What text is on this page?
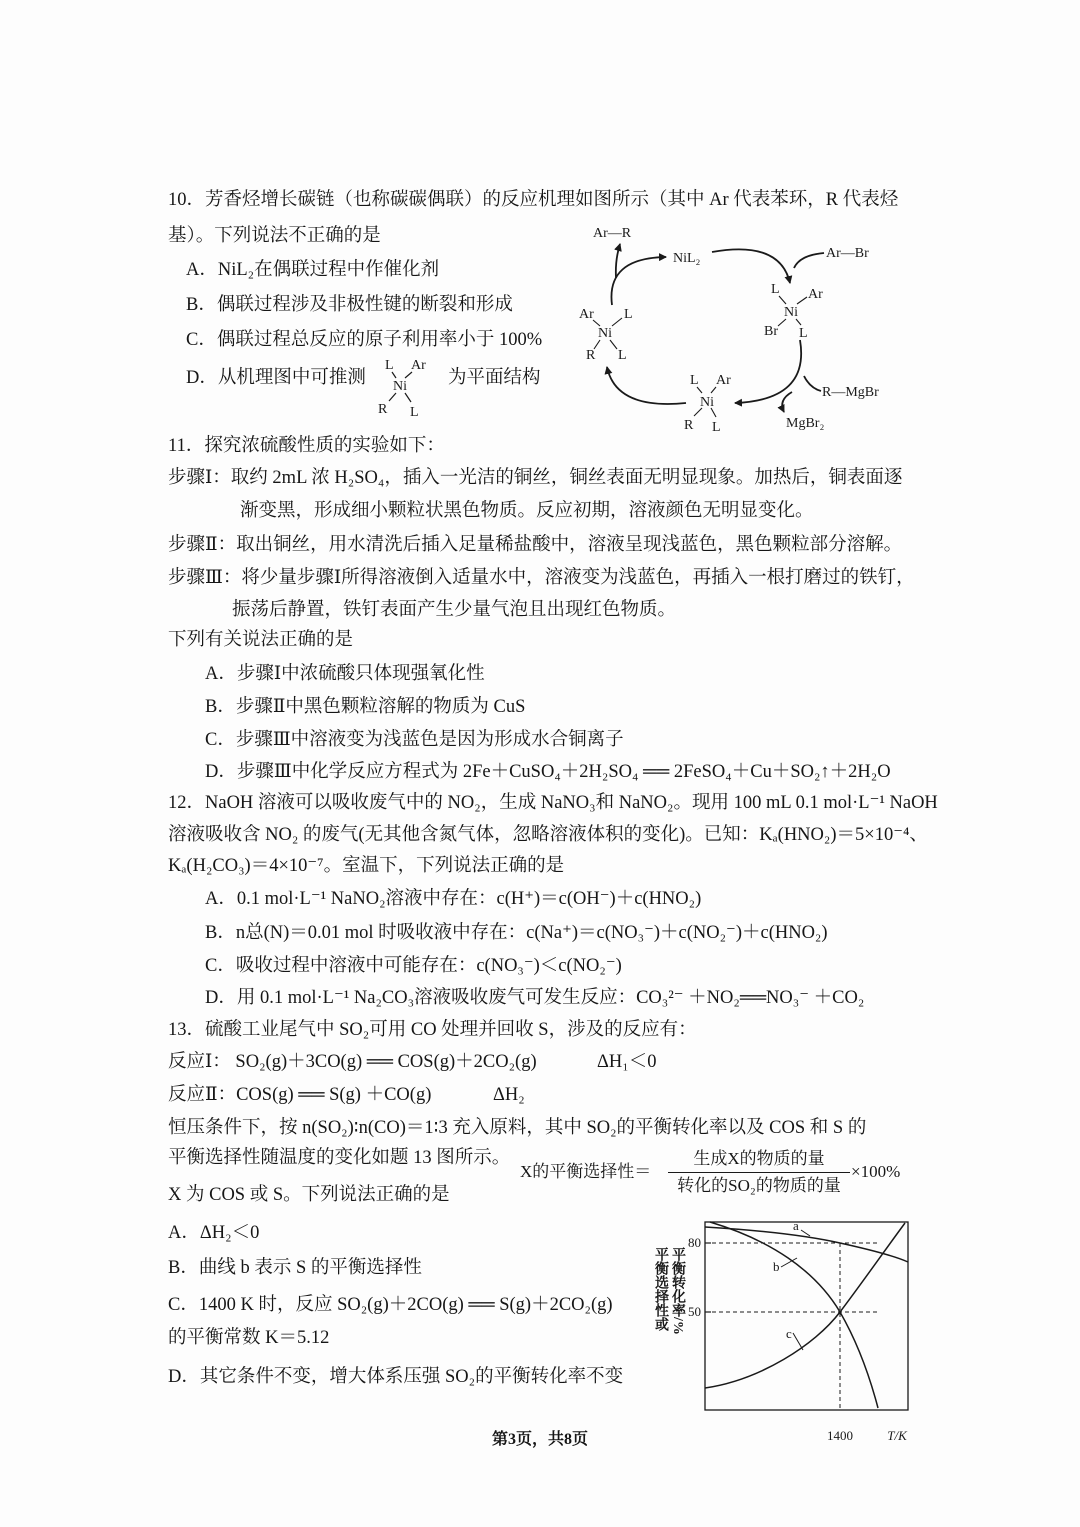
10．芳香烃增长碳链（也称碳碳偶联）的反应机理如图所示（其中 Ar 代表苯环，R 代表烃
基）。下列说法不正确的是
A．NiL₂在偶联过程中作催化剂
B．偶联过程涉及非极性键的断裂和形成
C．偶联过程总反应的原子利用率小于 100%
D．从机理图中可推测	为平面结构
L Ar
Ni
R L
Ar—R
NiL₂	Ar—Br
R—MgBr
MgBr₂
L Ar
Ni
Br L
Ar L
Ni
R L
L Ar
Ni
R L
11．探究浓硫酸性质的实验如下：
步骤Ⅰ：取约 2mL 浓 H₂SO₄，插入一光洁的铜丝，铜丝表面无明显现象。加热后，铜表面逐
渐变黑，形成细小颗粒状黑色物质。反应初期，溶液颜色无明显变化。
步骤Ⅱ：取出铜丝，用水清洗后插入足量稀盐酸中，溶液呈现浅蓝色，黑色颗粒部分溶解。
步骤Ⅲ：将少量步骤Ⅰ所得溶液倒入适量水中，溶液变为浅蓝色，再插入一根打磨过的铁钉，
振荡后静置，铁钉表面产生少量气泡且出现红色物质。
下列有关说法正确的是
A．步骤Ⅰ中浓硫酸只体现强氧化性
B．步骤Ⅱ中黑色颗粒溶解的物质为 CuS
C．步骤Ⅲ中溶液变为浅蓝色是因为形成水合铜离子
D．步骤Ⅲ中化学反应方程式为 2Fe＋CuSO₄＋2H₂SO₄ ══ 2FeSO₄＋Cu＋SO₂↑＋2H₂O
12．NaOH 溶液可以吸收废气中的 NO₂，生成 NaNO₃和 NaNO₂。现用 100 mL 0.1 mol·L⁻¹ NaOH
溶液吸收含 NO₂ 的废气(无其他含氮气体，忽略溶液体积的变化)。已知：Kₐ(HNO₂)＝5×10⁻⁴、
Kₐ(H₂CO₃)＝4×10⁻⁷。室温下，下列说法正确的是
A．0.1 mol·L⁻¹ NaNO₂溶液中存在：c(H⁺)＝c(OH⁻)＋c(HNO₂)
B．n总(N)＝0.01 mol 时吸收液中存在：c(Na⁺)＝c(NO₃⁻)＋c(NO₂⁻)＋c(HNO₂)
C．吸收过程中溶液中可能存在：c(NO₃⁻)＜c(NO₂⁻)
D．用 0.1 mol·L⁻¹ Na₂CO₃溶液吸收废气可发生反应：CO₃²⁻ ＋NO₂══NO₃⁻ ＋CO₂
13．硫酸工业尾气中 SO₂可用 CO 处理并回收 S，涉及的反应有：
反应Ⅰ： SO₂(g)＋3CO(g) ══ COS(g)＋2CO₂(g)	ΔH₁＜0
反应Ⅱ：COS(g) ══ S(g) ＋CO(g)	ΔH₂
恒压条件下，按 n(SO₂)∶n(CO)＝1∶3 充入原料，其中 SO₂的平衡转化率以及 COS 和 S 的
平衡选择性随温度的变化如题 13 图所示。
X的平衡选择性＝
生成X的物质的量
转化的SO₂的物质的量
×100%
X 为 COS 或 S。下列说法正确的是
A．ΔH₂＜0
B．曲线 b 表示 S 的平衡选择性
C．1400 K 时，反应 SO₂(g)＋2CO(g) ══ S(g)＋2CO₂(g)
的平衡常数 K＝5.12
D．其它条件不变，增大体系压强 SO₂的平衡转化率不变
平衡选择性或 平衡转化率/%
a
b
c
80
50
1400	T/K
第3页，共8页
